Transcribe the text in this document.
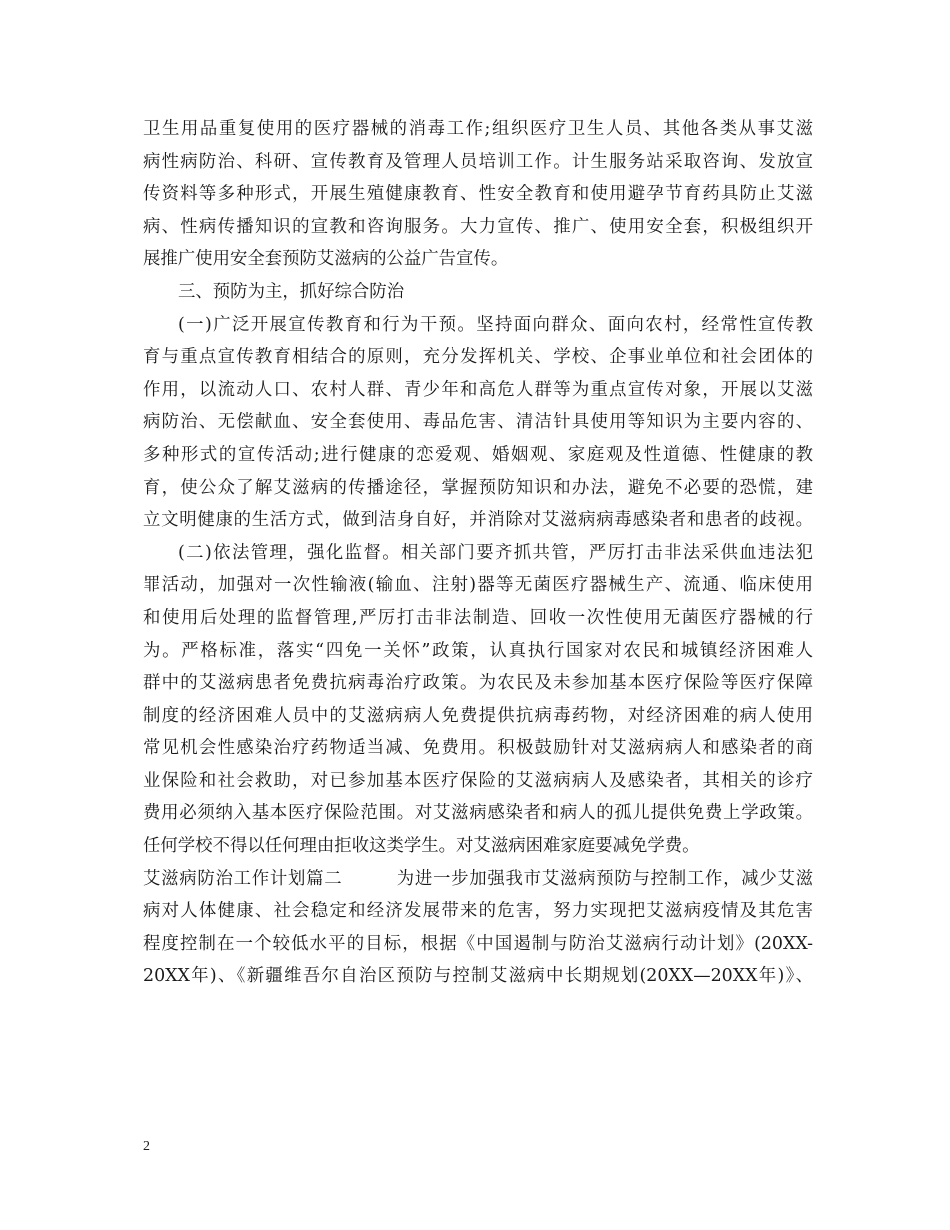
卫生用品重复使用的医疗器械的消毒工作;组织医疗卫生人员、其他各类从事艾滋
病性病防治、科研、宣传教育及管理人员培训工作。计生服务站采取咨询、发放宣
传资料等多种形式，开展生殖健康教育、性安全教育和使用避孕节育药具防止艾滋
病、性病传播知识的宣教和咨询服务。大力宣传、推广、使用安全套，积极组织开
展推广使用安全套预防艾滋病的公益广告宣传。
三、预防为主，抓好综合防治
(一)广泛开展宣传教育和行为干预。坚持面向群众、面向农村，经常性宣传教
育与重点宣传教育相结合的原则，充分发挥机关、学校、企事业单位和社会团体的
作用，以流动人口、农村人群、青少年和高危人群等为重点宣传对象，开展以艾滋
病防治、无偿献血、安全套使用、毒品危害、清洁针具使用等知识为主要内容的、
多种形式的宣传活动;进行健康的恋爱观、婚姻观、家庭观及性道德、性健康的教
育，使公众了解艾滋病的传播途径，掌握预防知识和办法，避免不必要的恐慌，建
立文明健康的生活方式，做到洁身自好，并消除对艾滋病病毒感染者和患者的歧视。
(二)依法管理，强化监督。相关部门要齐抓共管，严厉打击非法采供血违法犯
罪活动，加强对一次性输液(输血、注射)器等无菌医疗器械生产、流通、临床使用
和使用后处理的监督管理,严厉打击非法制造、回收一次性使用无菌医疗器械的行
为。严格标准，落实“四免一关怀”政策，认真执行国家对农民和城镇经济困难人
群中的艾滋病患者免费抗病毒治疗政策。为农民及未参加基本医疗保险等医疗保障
制度的经济困难人员中的艾滋病病人免费提供抗病毒药物，对经济困难的病人使用
常见机会性感染治疗药物适当减、免费用。积极鼓励针对艾滋病病人和感染者的商
业保险和社会救助，对已参加基本医疗保险的艾滋病病人及感染者，其相关的诊疗
费用必须纳入基本医疗保险范围。对艾滋病感染者和病人的孤儿提供免费上学政策。
任何学校不得以任何理由拒收这类学生。对艾滋病困难家庭要减免学费。
艾滋病防治工作计划篇二　　　为进一步加强我市艾滋病预防与控制工作，减少艾滋
病对人体健康、社会稳定和经济发展带来的危害，努力实现把艾滋病疫情及其危害
程度控制在一个较低水平的目标，根据《中国遏制与防治艾滋病行动计划》(20XX-
20XX年)、《新疆维吾尔自治区预防与控制艾滋病中长期规划(20XX—20XX年)》、
2
